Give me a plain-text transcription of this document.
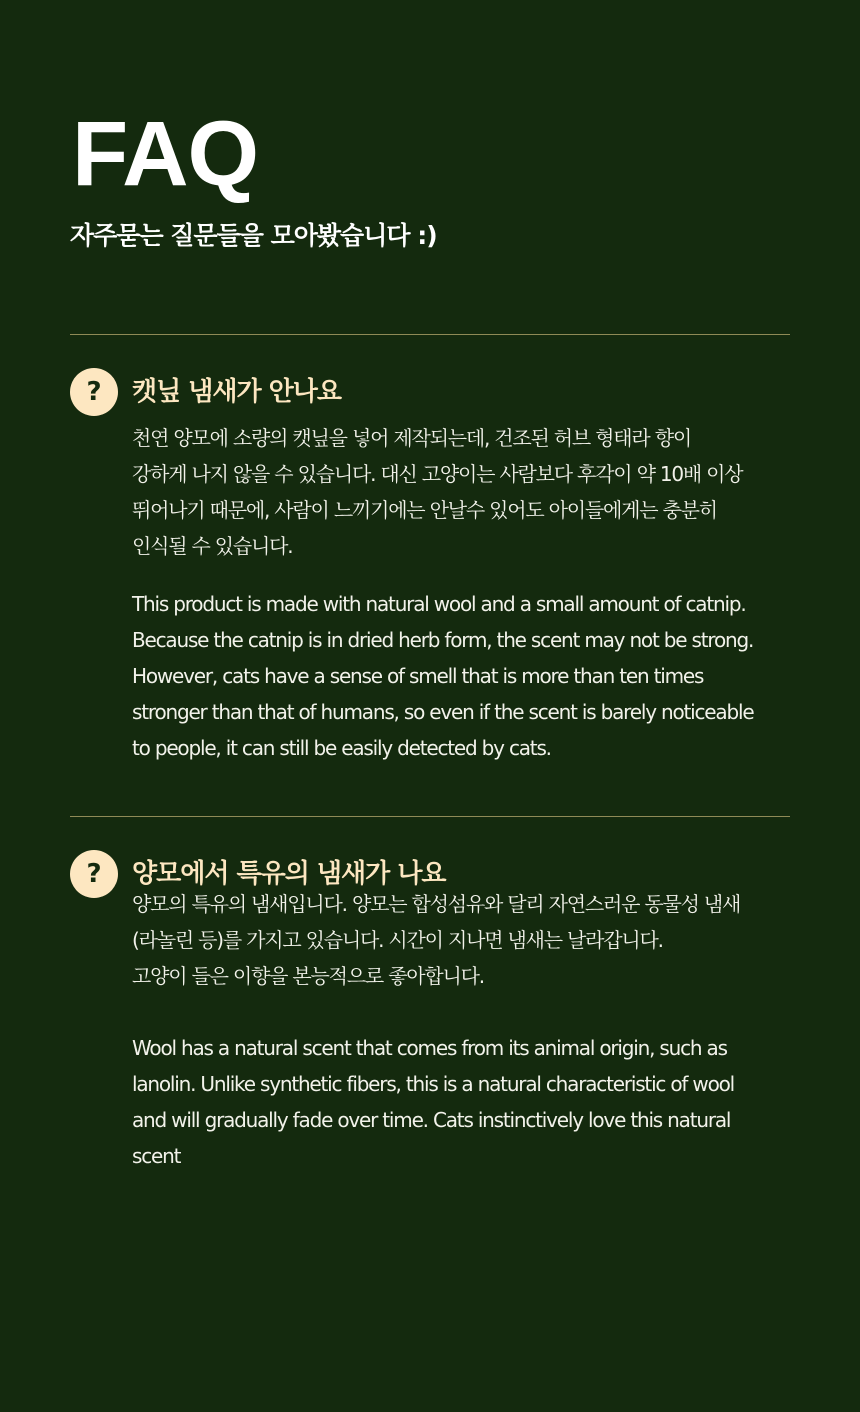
FAQ

자주묻는 질문들을 모아봤습니다 :)

?	캣닢 냄새가 안나요

천연 양모에 소량의 캣닢을 넣어 제작되는데, 건조된 허브 형태라 향이
강하게 나지 않을 수 있습니다. 대신 고양이는 사람보다 후각이 약 10배 이상
뛰어나기 때문에, 사람이 느끼기에는 안날수 있어도 아이들에게는 충분히
인식될 수 있습니다.

This product is made with natural wool and a small amount of catnip.
Because the catnip is in dried herb form, the scent may not be strong.
However, cats have a sense of smell that is more than ten times
stronger than that of humans, so even if the scent is barely noticeable
to people, it can still be easily detected by cats.

?	양모에서 특유의 냄새가 나요

양모의 특유의 냄새입니다. 양모는 합성섬유와 달리 자연스러운 동물성 냄새
(라놀린 등)를 가지고 있습니다. 시간이 지나면 냄새는 날라갑니다.
고양이 들은 이향을 본능적으로 좋아합니다.

Wool has a natural scent that comes from its animal origin, such as
lanolin. Unlike synthetic fibers, this is a natural characteristic of wool
and will gradually fade over time. Cats instinctively love this natural
scent
